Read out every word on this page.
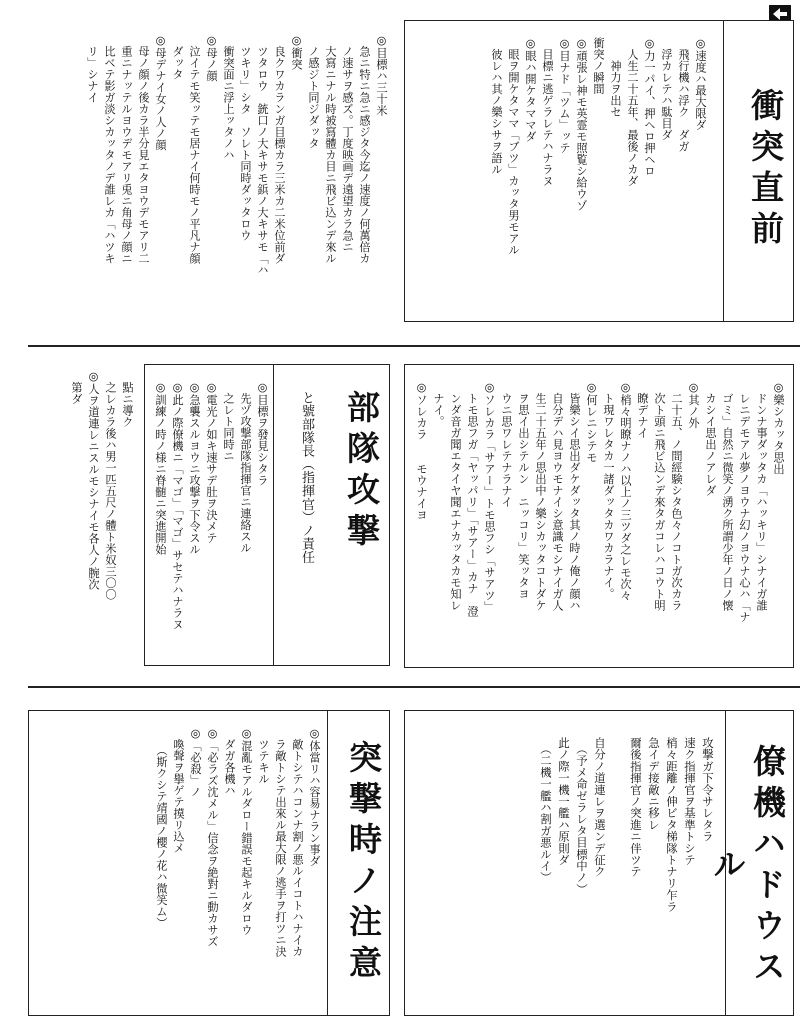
◎目標ハ三十米
　急ニ特ニ急ニ感ジタ今迄ノ速度ノ何萬倍カ
　ノ速サヲ感ズ。丁度映画デ遠望カラ急ニ
　大寫ニナル時被寫體カ目ニ飛ビ込ンデ來ル
　ノ感ジト同ジダッタ
◎衝突
　良クワカランガ目標カラ三米カ二米位前ダ
　ツタロウ　銃口ノ大キサモ鋲ノ大キサモ「ハ
　ツキリ」シタ　ソレト同時ダッタロウ
　衝突面ニ浮上ッタノハ
◎母ノ顔
　泣イテモ笑ッテモ居ナイ何時モノ平凡ナ顔
　ダッタ
◎母デナイ女ノ人ノ顔
　母ノ顔ノ後カラ半分見エタヨウデモアリ二
　重ニナッテルヨウデモアリ兎ニ角母ノ顔ニ
　比ベテ影ガ淡シカッタノデ誰レカ「ハツキ
　リ」シナイ
衝突直前
◎速度ハ最大限ダ
　飛行機ハ浮ク　ダガ
　浮カレテハ駄目ダ
◎力一パイ、押ヘロ押ヘロ
　人生二十五年、最後ノカダ
　　神力ヲ出セ
衝突ノ瞬間
◎頑張レ神モ英霊モ照覧シ給ウゾ
◎目ナド「ツム」ッテ
　目標ニ逃ゲラレテハナラヌ
◎眼ハ開ケタママダ
　眼ヲ開ケタママ「ブツ」カッタ男モアル
　彼レハ其ノ樂シサヲ語ル
◎樂シカッタ思出
　ドンナ事ダッタカ「ハッキリ」シナイガ誰
　レニデモアル夢ノヨウナ幻ノヨウナ心ハ「ナ
　ゴミ」自然ニ微笑ノ湧ク所謂少年ノ日ノ懐
　カシイ思出ノアレダ
◎其ノ外
　二十五、ノ間經験シタ色々ノコトガ次カラ
　次ト頭ニ飛ビ込ンデ來タガコレハコウト明
　瞭デナイ
◎梢々明瞭ナノハ以上ノ三ツダ之レモ次々
　ト現ワレタカ一諸ダッタカワカラナイ。
◎何レニシテモ
　皆樂シイ思出ダケダッタ其ノ時ノ俺ノ顔ハ
　自分デハ見ヨウモナイシ意識モシナイガ人
　生二十五年ノ思出中ノ樂シカッタコトダケ
　ヲ思イ出シテルン　ニッコリ」笑ッタヨ
　ウニ思ワレテナラナイ
◎ソレカラ「サアー」トモ思フシ「サアツ」
　トモ思フガ「ヤッパリ」「サアー」カナ　澄
　ンダ音ガ聞エタイヤ聞エナカッタカモ知レ
　ナイ。
◎ソレカラ　　モウナイヨ
部隊攻撃
と號部隊長（指揮官）ノ責任
◎目標ヲ發見シタラ
　先ヅ攻撃部隊指揮官ニ連絡スル
　之レト同時ニ
◎電光ノ如キ速サデ肚ヲ決メテ
◎急襲スルヨウニ攻撃ヲ下令スル
◎此ノ際僚機ニ「マゴ」「マゴ」サセテハナラヌ
◎訓練ノ時ノ様ニ脊髄ニ突進開始
　點ニ導ク
　之レカラ後ハ男一匹五尺ノ體ト米奴三〇〇
◎人ヲ道連レニスルモシナイモ各人ノ腕次
　第ダ
僚機ハドウスル
攻撃ガ下令サレタラ
速ク指揮官ヲ基準トシテ
梢々距離ノ伸ビタ梯隊トナリ乍ラ
急イデ接敵ニ移レ
爾後指揮官ノ突進ニ伴ツテ

自分ノ道連レヲ選ンデ征ク
　（予メ命ゼラレタ目標中ノ）
此ノ際一機一艦ハ原則ダ
　（二機一艦ハ割ガ悪ルイ）
突撃時ノ注意
◎体當リハ容易ナラン事ダ
　敵トシテハコンナ割ノ悪ルイコトハナイカ
　ラ敵トシテ出來ル最大限ノ逃手ヲ打ツニ決
　ツテキル
◎混亂モアルダロー錯誤モ起キルダロウ
　ダガ各機ハ
◎「必ラズ沈メル」信念ヲ絶對ニ動カサズ
◎「必殺」ノ
　喚聲ヲ擧ゲテ摸リ込メ
　　（斯クシテ靖國ノ櫻ノ花ハ微笑ム）
